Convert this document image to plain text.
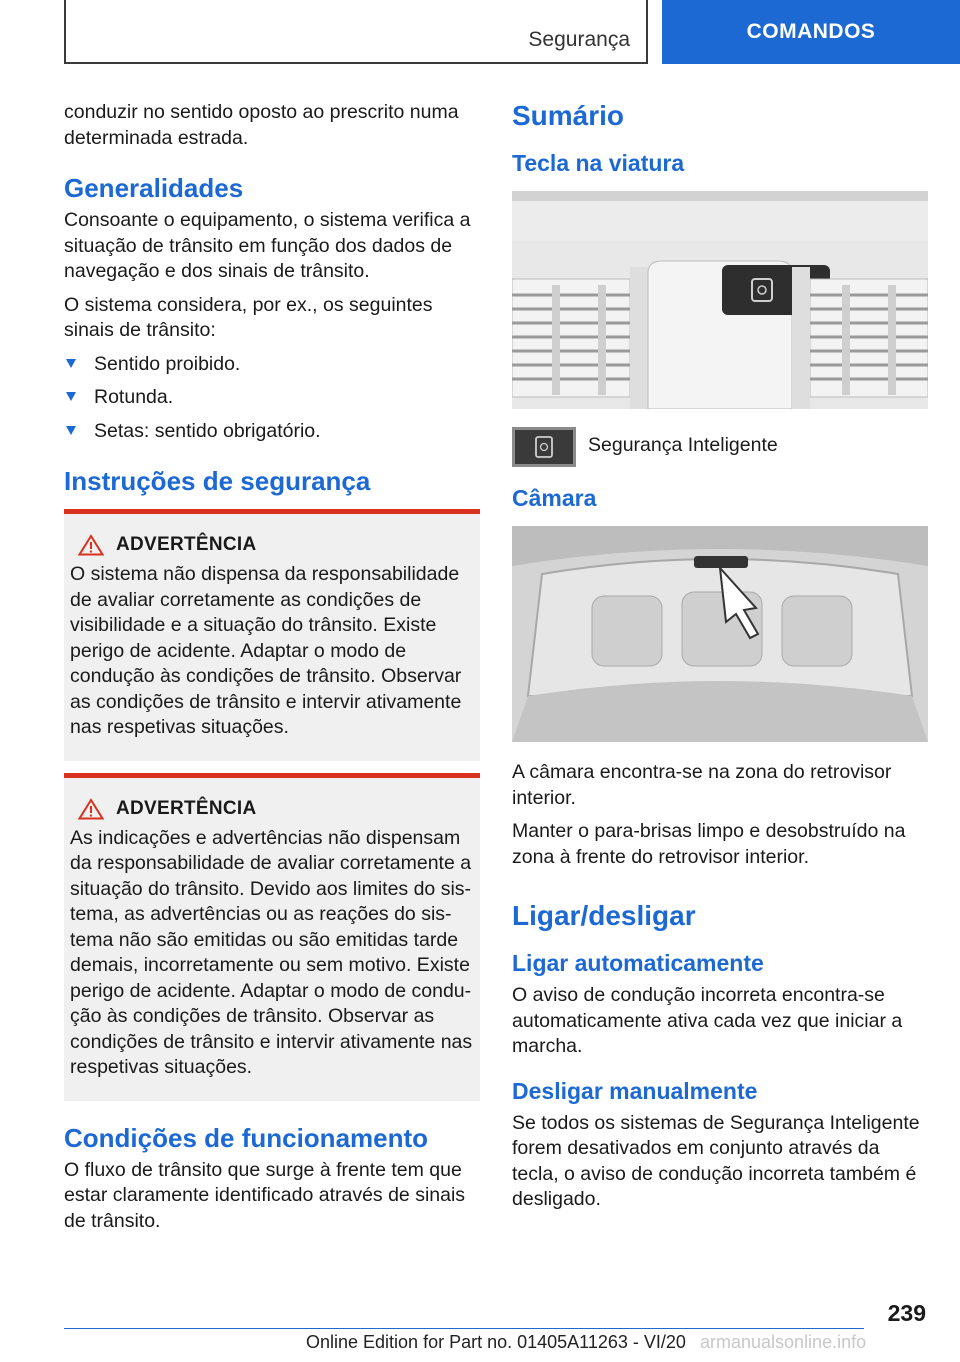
Segurança	COMANDOS

conduzir no sentido oposto ao prescrito numa determinada estrada.

Generalidades

Consoante o equipamento, o sistema verifica a situação de trânsito em função dos dados de navegação e dos sinais de trânsito.

O sistema considera, por ex., os seguintes sinais de trânsito:

Sentido proibido.
Rotunda.
Setas: sentido obrigatório.
Instruções de segurança
ADVERTÊNCIA

O sistema não dispensa da responsabilidade de avaliar corretamente as condições de visibilidade e a situação do trânsito. Existe perigo de acidente. Adaptar o modo de condução às condições de trânsito. Observar as condições de trânsito e intervir ativamente nas respetivas situações.

ADVERTÊNCIA

As indicações e advertências não dispensam da responsabilidade de avaliar corretamente a situação do trânsito. Devido aos limites do sistema, as advertências ou as reações do sistema não são emitidas ou são emitidas tarde demais, incorretamente ou sem motivo. Existe perigo de acidente. Adaptar o modo de condução às condições de trânsito. Observar as condições de trânsito e intervir ativamente nas respetivas situações.

Condições de funcionamento

O fluxo de trânsito que surge à frente tem que estar claramente identificado através de sinais de trânsito.

Sumário
Tecla na viatura

Segurança Inteligente

Câmara

A câmara encontra-se na zona do retrovisor interior.

Manter o para-brisas limpo e desobstruído na zona à frente do retrovisor interior.

Ligar/desligar
Ligar automaticamente

O aviso de condução incorreta encontra-se automaticamente ativa cada vez que iniciar a marcha.

Desligar manualmente

Se todos os sistemas de Segurança Inteligente forem desativados em conjunto através da tecla, o aviso de condução incorreta também é desligado.

239
Online Edition for Part no. 01405A11263 - VI/20 armanualsonline.info
